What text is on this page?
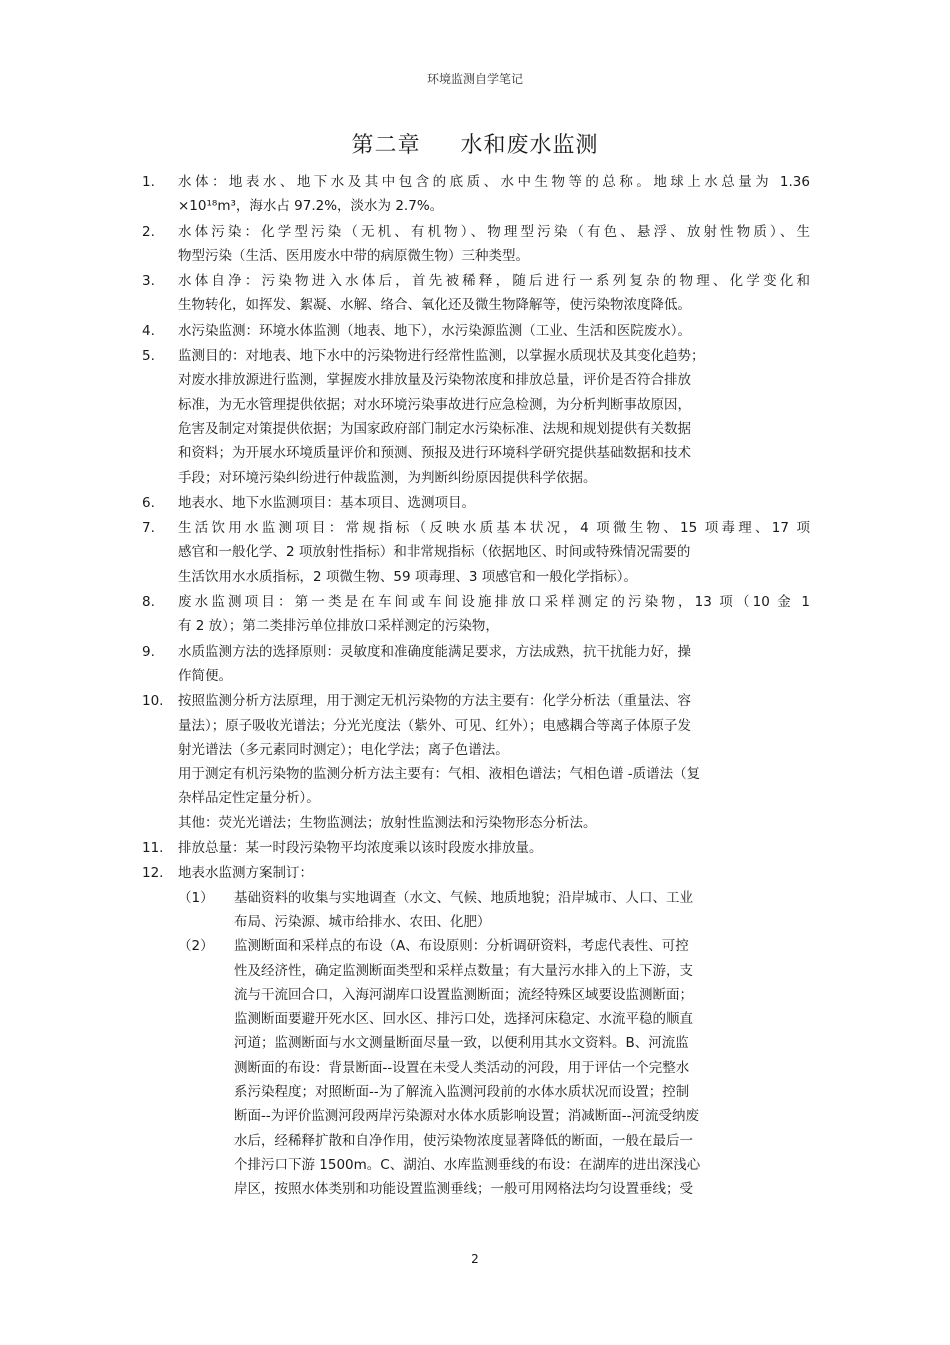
环境监测自学笔记
第二章 水和废水监测
1.	水体：地表水、地下水及其中包含的底质、水中生物等的总称。地球上水总量为 1.36
×10¹⁸m³，海水占 97.2%，淡水为 2.7%。
2.	水体污染：化学型污染（无机、有机物）、物理型污染（有色、悬浮、放射性物质）、生
物型污染（生活、医用废水中带的病原微生物）三种类型。
3.	水体自净：污染物进入水体后，首先被稀释，随后进行一系列复杂的物理、化学变化和
生物转化，如挥发、絮凝、水解、络合、氧化还及微生物降解等，使污染物浓度降低。
4.	水污染监测：环境水体监测（地表、地下），水污染源监测（工业、生活和医院废水）。
5.	监测目的：对地表、地下水中的污染物进行经常性监测，以掌握水质现状及其变化趋势；
对废水排放源进行监测，掌握废水排放量及污染物浓度和排放总量，评价是否符合排放
标准，为无水管理提供依据；对水环境污染事故进行应急检测，为分析判断事故原因，
危害及制定对策提供依据；为国家政府部门制定水污染标准、法规和规划提供有关数据
和资料；为开展水环境质量评价和预测、预报及进行环境科学研究提供基础数据和技术
手段；对环境污染纠纷进行仲裁监测，为判断纠纷原因提供科学依据。
6.	地表水、地下水监测项目：基本项目、选测项目。
7.	生活饮用水监测项目：常规指标（反映水质基本状况，4 项微生物、15 项毒理、17 项
感官和一般化学、2 项放射性指标）和非常规指标（依据地区、时间或特殊情况需要的
生活饮用水水质指标，2 项微生物、59 项毒理、3 项感官和一般化学指标）。
8.	废水监测项目：第一类是在车间或车间设施排放口采样测定的污染物，13 项（10 金 1
有 2 放）；第二类排污单位排放口采样测定的污染物，
9.	水质监测方法的选择原则：灵敏度和准确度能满足要求，方法成熟，抗干扰能力好，操
作简便。
10.	按照监测分析方法原理，用于测定无机污染物的方法主要有：化学分析法（重量法、容
量法）；原子吸收光谱法；分光光度法（紫外、可见、红外）；电感耦合等离子体原子发
射光谱法（多元素同时测定）；电化学法；离子色谱法。
用于测定有机污染物的监测分析方法主要有：气相、液相色谱法；气相色谱 -质谱法（复
杂样品定性定量分析）。
其他：荧光光谱法；生物监测法；放射性监测法和污染物形态分析法。
11.	排放总量：某一时段污染物平均浓度乘以该时段废水排放量。
12.	地表水监测方案制订：
（1）	基础资料的收集与实地调查（水文、气候、地质地貌；沿岸城市、人口、工业
布局、污染源、城市给排水、农田、化肥）
（2）	监测断面和采样点的布设（A、布设原则：分析调研资料，考虑代表性、可控
性及经济性，确定监测断面类型和采样点数量；有大量污水排入的上下游，支
流与干流回合口，入海河湖库口设置监测断面；流经特殊区域要设监测断面；
监测断面要避开死水区、回水区、排污口处，选择河床稳定、水流平稳的顺直
河道；监测断面与水文测量断面尽量一致，以便利用其水文资料。B、河流监
测断面的布设：背景断面--设置在未受人类活动的河段，用于评估一个完整水
系污染程度；对照断面--为了解流入监测河段前的水体水质状况而设置；控制
断面--为评价监测河段两岸污染源对水体水质影响设置；消减断面--河流受纳废
水后，经稀释扩散和自净作用，使污染物浓度显著降低的断面，一般在最后一
个排污口下游 1500m。C、湖泊、水库监测垂线的布设：在湖库的进出深浅心
岸区，按照水体类别和功能设置监测垂线；一般可用网格法均匀设置垂线；受
2
